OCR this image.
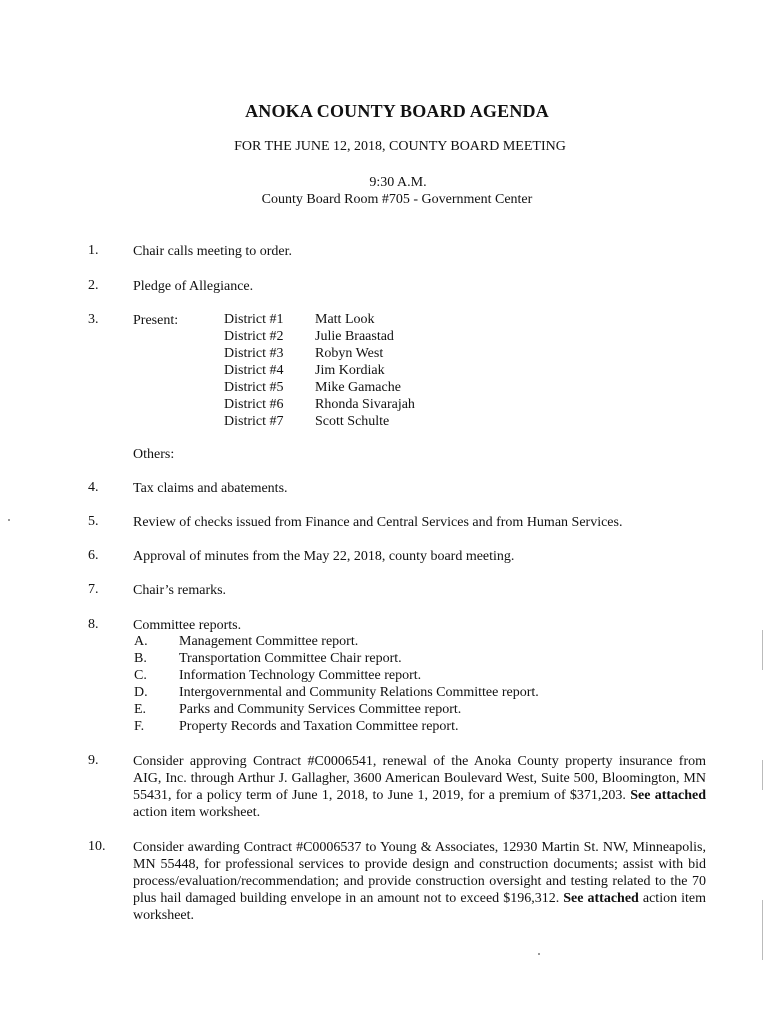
ANOKA COUNTY BOARD AGENDA
FOR THE JUNE 12, 2018, COUNTY BOARD MEETING
9:30 A.M.
County Board Room #705 - Government Center
1. Chair calls meeting to order.
2. Pledge of Allegiance.
3. Present:	District #1 Matt Look
District #2 Julie Braastad
District #3 Robyn West
District #4 Jim Kordiak
District #5 Mike Gamache
District #6 Rhonda Sivarajah
District #7 Scott Schulte
Others:
4. Tax claims and abatements.
5. Review of checks issued from Finance and Central Services and from Human Services.
6. Approval of minutes from the May 22, 2018, county board meeting.
7. Chair’s remarks.
8. Committee reports.
A. Management Committee report.
B. Transportation Committee Chair report.
C. Information Technology Committee report.
D. Intergovernmental and Community Relations Committee report.
E. Parks and Community Services Committee report.
F. Property Records and Taxation Committee report.
9. Consider approving Contract #C0006541, renewal of the Anoka County property insurance from AIG, Inc. through Arthur J. Gallagher, 3600 American Boulevard West, Suite 500, Bloomington, MN 55431, for a policy term of June 1, 2018, to June 1, 2019, for a premium of $371,203. See attached action item worksheet.
10. Consider awarding Contract #C0006537 to Young & Associates, 12930 Martin St. NW, Minneapolis, MN 55448, for professional services to provide design and construction documents; assist with bid process/evaluation/recommendation; and provide construction oversight and testing related to the 70 plus hail damaged building envelope in an amount not to exceed $196,312. See attached action item worksheet.
